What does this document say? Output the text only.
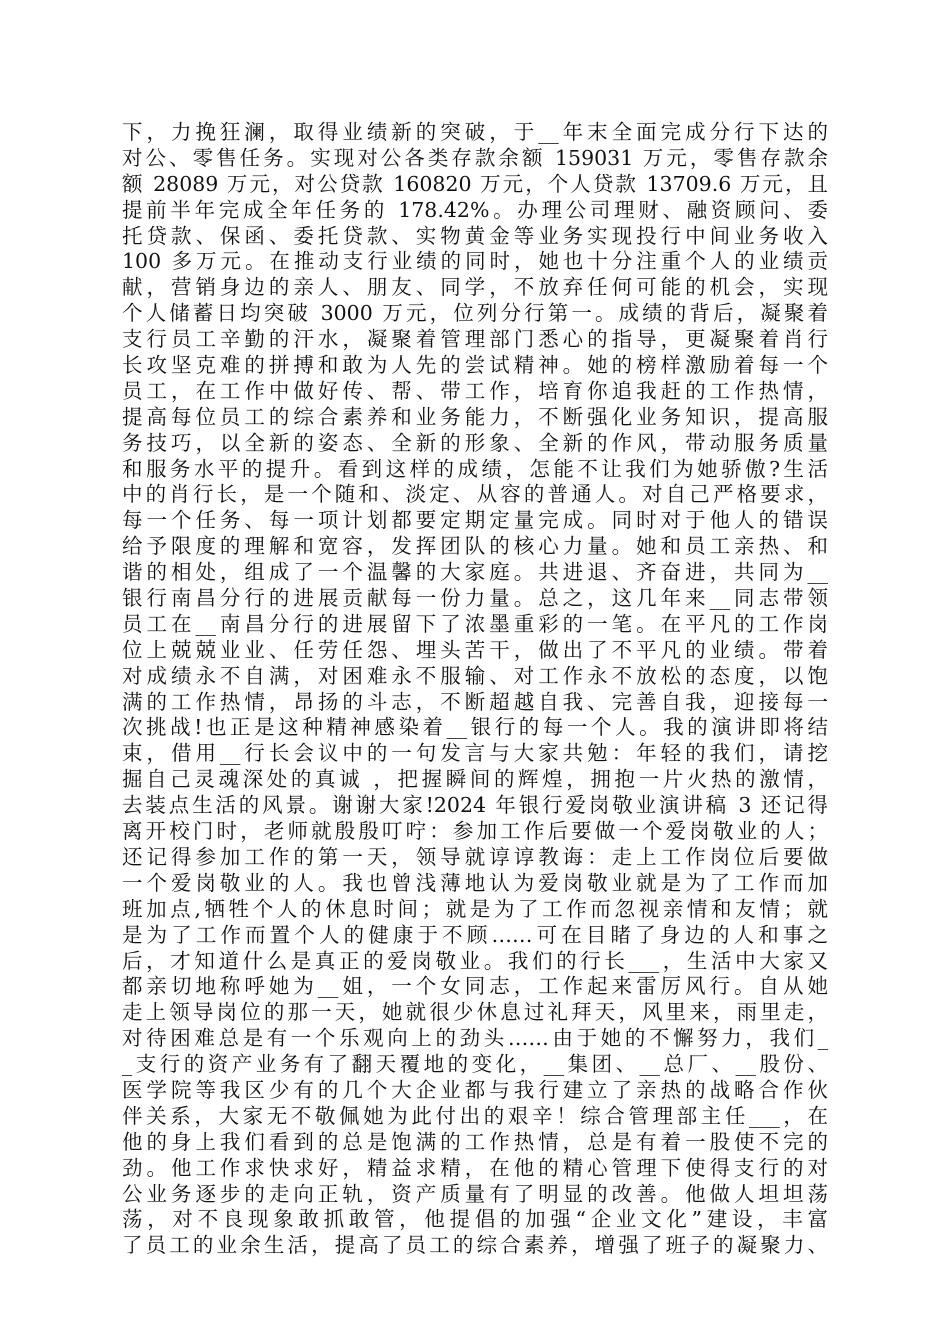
下，力挽狂澜，取得业绩新的突破，于__年末全面完成分行下达的
对公、零售任务。实现对公各类存款余额 159031 万元，零售存款余
额 28089 万元，对公贷款 160820 万元，个人贷款 13709.6 万元，且
提前半年完成全年任务的 178.42%。办理公司理财、融资顾问、委
托贷款、保函、委托贷款、实物黄金等业务实现投行中间业务收入
100 多万元。在推动支行业绩的同时，她也十分注重个人的业绩贡
献，营销身边的亲人、朋友、同学，不放弃任何可能的机会，实现
个人储蓄日均突破 3000 万元，位列分行第一。成绩的背后，凝聚着
支行员工辛勤的汗水，凝聚着管理部门悉心的指导，更凝聚着肖行
长攻坚克难的拼搏和敢为人先的尝试精神。她的榜样激励着每一个
员工，在工作中做好传、帮、带工作，培育你追我赶的工作热情，
提高每位员工的综合素养和业务能力，不断强化业务知识，提高服
务技巧，以全新的姿态、全新的形象、全新的作风，带动服务质量
和服务水平的提升。看到这样的成绩，怎能不让我们为她骄傲?生活
中的肖行长，是一个随和、淡定、从容的普通人。对自己严格要求，
每一个任务、每一项计划都要定期定量完成。同时对于他人的错误
给予限度的理解和宽容，发挥团队的核心力量。她和员工亲热、和
谐的相处，组成了一个温馨的大家庭。共进退、齐奋进，共同为__
银行南昌分行的进展贡献每一份力量。总之，这几年来__同志带领
员工在__南昌分行的进展留下了浓墨重彩的一笔。在平凡的工作岗
位上兢兢业业、任劳任怨、埋头苦干，做出了不平凡的业绩。带着
对成绩永不自满，对困难永不服输、对工作永不放松的态度，以饱
满的工作热情，昂扬的斗志，不断超越自我、完善自我，迎接每一
次挑战!也正是这种精神感染着__银行的每一个人。我的演讲即将结
束，借用__行长会议中的一句发言与大家共勉：年轻的我们，请挖
掘自己灵魂深处的真诚 ，把握瞬间的辉煌，拥抱一片火热的激情，
去装点生活的风景。谢谢大家!2024 年银行爱岗敬业演讲稿 3 还记得
离开校门时，老师就殷殷叮咛：参加工作后要做一个爱岗敬业的人；
还记得参加工作的第一天，领导就谆谆教诲：走上工作岗位后要做
一个爱岗敬业的人。我也曾浅薄地认为爱岗敬业就是为了工作而加
班加点,牺牲个人的休息时间；就是为了工作而忽视亲情和友情；就
是为了工作而置个人的健康于不顾……可在目睹了身边的人和事之
后，才知道什么是真正的爱岗敬业。我们的行长___，生活中大家又
都亲切地称呼她为__姐，一个女同志，工作起来雷厉风行。自从她
走上领导岗位的那一天，她就很少休息过礼拜天，风里来，雨里走，
对待困难总是有一个乐观向上的劲头……由于她的不懈努力，我们_
_支行的资产业务有了翻天覆地的变化，__集团、__总厂、__股份、
医学院等我区少有的几个大企业都与我行建立了亲热的战略合作伙
伴关系，大家无不敬佩她为此付出的艰辛！综合管理部主任___，在
他的身上我们看到的总是饱满的工作热情，总是有着一股使不完的
劲。他工作求快求好，精益求精，在他的精心管理下使得支行的对
公业务逐步的走向正轨，资产质量有了明显的改善。他做人坦坦荡
荡，对不良现象敢抓敢管，他提倡的加强“企业文化”建设，丰富
了员工的业余生活，提高了员工的综合素养，增强了班子的凝聚力、
